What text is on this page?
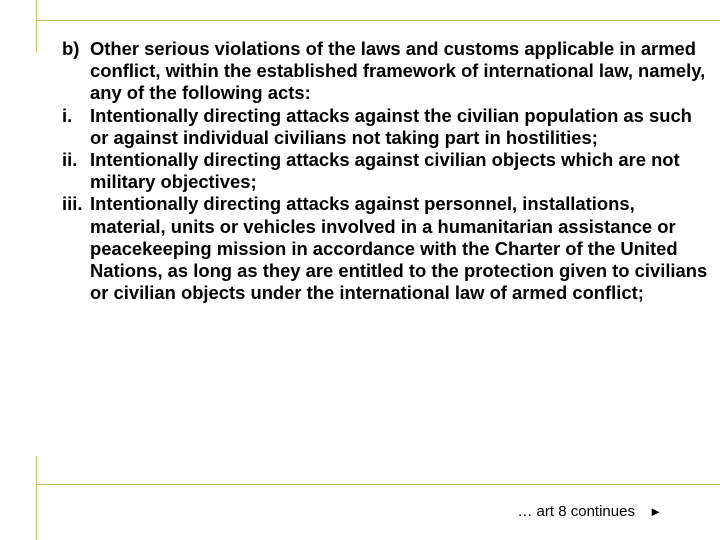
b) Other serious violations of the laws and customs applicable in armed conflict, within the established framework of international law, namely, any of the following acts:
i. Intentionally directing attacks against the civilian population as such or against individual civilians not taking part in hostilities;
ii. Intentionally directing attacks against civilian objects which are not military objectives;
iii. Intentionally directing attacks against personnel, installations, material, units or vehicles involved in a humanitarian assistance or peacekeeping mission in accordance with the Charter of the United Nations, as long as they are entitled to the protection given to civilians or civilian objects under the international law of armed conflict;
… art 8 continues ►
